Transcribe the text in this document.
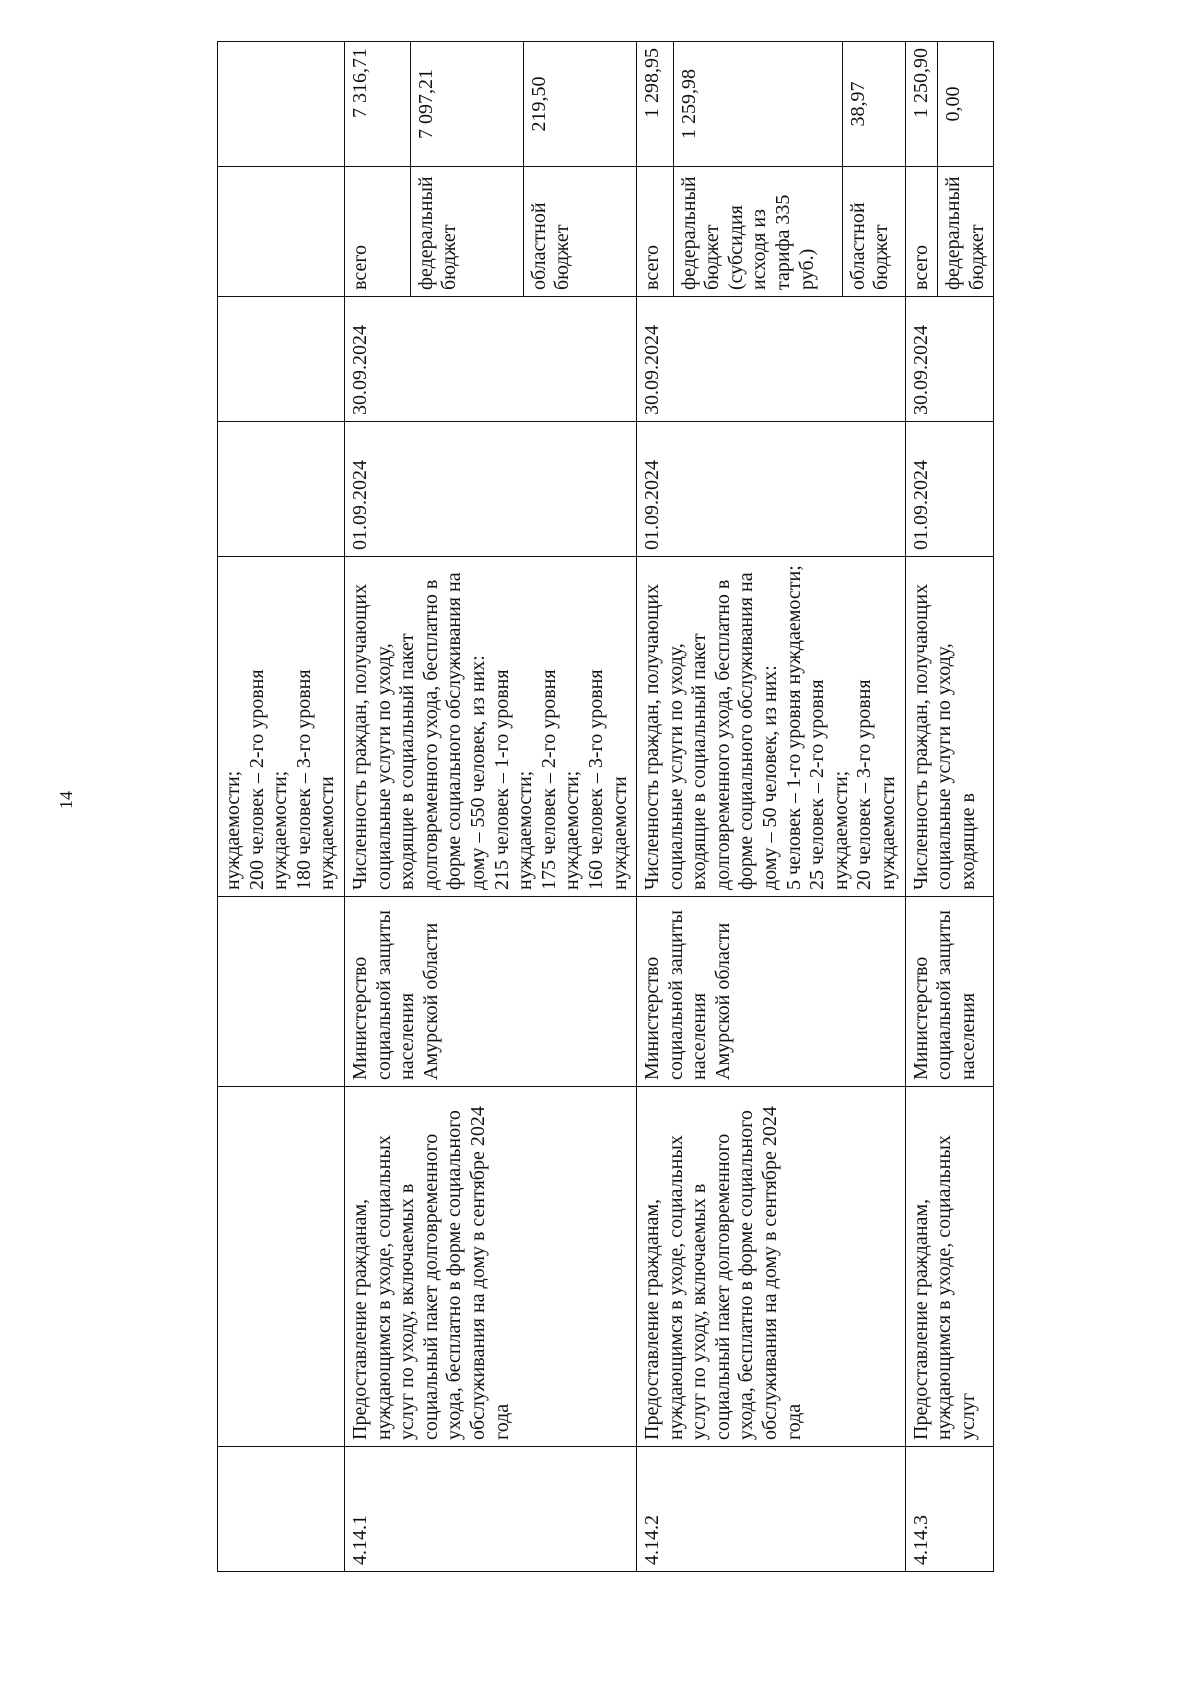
14
				нуждаемости;
200 человек – 2-го уровня нуждаемости;
180 человек – 3-го уровня нуждаемости				
4.14.1	Предоставление гражданам, нуждающимся в уходе, социальных услуг по уходу, включаемых в социальный пакет долговременного ухода, бесплатно в форме социального обслуживания на дому в сентябре 2024 года	Министерство социальной защиты населения Амурской области	Численность граждан, получающих социальные услуги по уходу, входящие в социальный пакет долговременного ухода, бесплатно в форме социального обслуживания на дому – 550 человек, из них:
215 человек – 1-го уровня нуждаемости;
175 человек – 2-го уровня нуждаемости;
160 человек – 3-го уровня нуждаемости	01.09.2024	30.09.2024	всего	7 316,71
						федеральный бюджет	7 097,21
						областной бюджет	219,50
4.14.2	Предоставление гражданам, нуждающимся в уходе, социальных услуг по уходу, включаемых в социальный пакет долговременного ухода, бесплатно в форме социального обслуживания на дому в сентябре 2024 года	Министерство социальной защиты населения Амурской области	Численность граждан, получающих социальные услуги по уходу, входящие в социальный пакет долговременного ухода, бесплатно в форме социального обслуживания на дому – 50 человек, из них:
5 человек – 1-го уровня нуждаемости;
25 человек – 2-го уровня нуждаемости;
20 человек – 3-го уровня нуждаемости	01.09.2024	30.09.2024	всего	1 298,95
						федеральный бюджет (субсидия исходя из тарифа 335 руб.)	1 259,98
						областной бюджет	38,97
4.14.3	Предоставление гражданам, нуждающимся в уходе, социальных услуг	Министерство социальной защиты населения	Численность граждан, получающих социальные услуги по уходу, входящие в	01.09.2024	30.09.2024	всего	1 250,90
						федеральный бюджет	0,00
